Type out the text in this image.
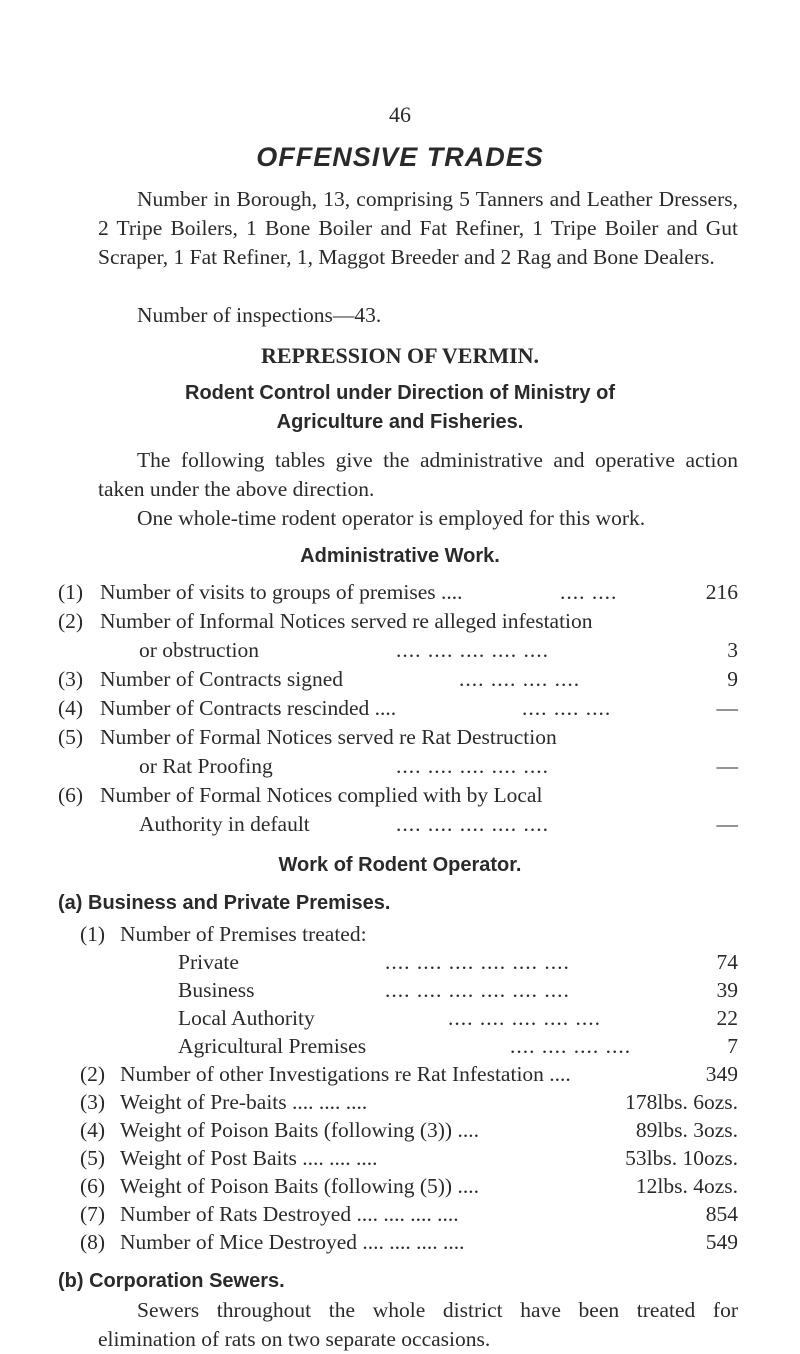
46
OFFENSIVE TRADES
Number in Borough, 13, comprising 5 Tanners and Leather Dressers, 2 Tripe Boilers, 1 Bone Boiler and Fat Refiner, 1 Tripe Boiler and Gut Scraper, 1 Fat Refiner, 1, Maggot Breeder and 2 Rag and Bone Dealers.
Number of inspections—43.
REPRESSION OF VERMIN.
Rodent Control under Direction of Ministry of
Agriculture and Fisheries.
The following tables give the administrative and operative action taken under the above direction.
One whole-time rodent operator is employed for this work.
Administrative Work.
(1) Number of visits to groups of premises ....	.... ....	216
(2) Number of Informal Notices served re alleged infestation
or obstruction	.... .... .... .... ....	3
(3) Number of Contracts signed	.... .... .... ....	9
(4) Number of Contracts rescinded ....	.... .... ....	—
(5) Number of Formal Notices served re Rat Destruction
or Rat Proofing	.... .... .... .... ....	—
(6) Number of Formal Notices complied with by Local
Authority in default	.... .... .... .... ....	—
Work of Rodent Operator.
(a) Business and Private Premises.
(1) Number of Premises treated:
Private	.... .... .... .... .... ....	74
Business	.... .... .... .... .... ....	39
Local Authority	.... .... .... .... ....	22
Agricultural Premises	.... .... .... ....	7
(2) Number of other Investigations re Rat Infestation ....	349
(3) Weight of Pre-baits .... .... ....	178lbs. 6ozs.
(4) Weight of Poison Baits (following (3)) ....	89lbs. 3ozs.
(5) Weight of Post Baits .... .... ....	53lbs. 10ozs.
(6) Weight of Poison Baits (following (5)) ....	12lbs. 4ozs.
(7) Number of Rats Destroyed .... .... .... ....	854
(8) Number of Mice Destroyed .... .... .... ....	549
(b) Corporation Sewers.
Sewers throughout the whole district have been treated for elimination of rats on two separate occasions.
